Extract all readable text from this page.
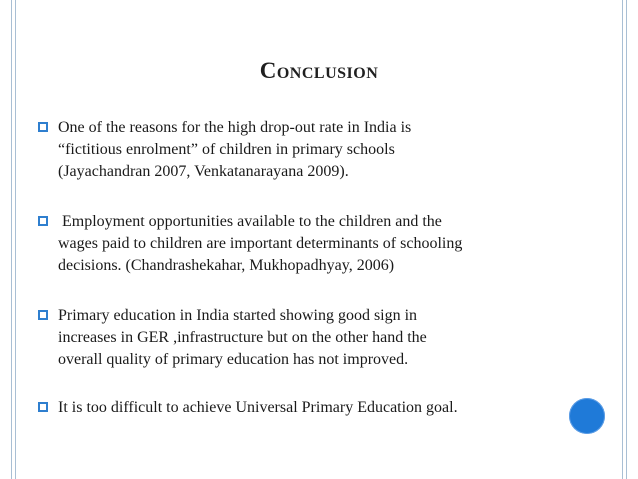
Conclusion
One of the reasons for the high drop-out rate in India is
“fictitious enrolment” of children in primary schools
(Jayachandran 2007, Venkatanarayana 2009).
Employment opportunities available to the children and the
wages paid to children are important determinants of schooling
decisions. (Chandrashekahar, Mukhopadhyay, 2006)
Primary education in India started showing good sign in
increases in GER ,infrastructure but on the other hand the
overall quality of primary education has not improved.
It is too difficult to achieve Universal Primary Education goal.
